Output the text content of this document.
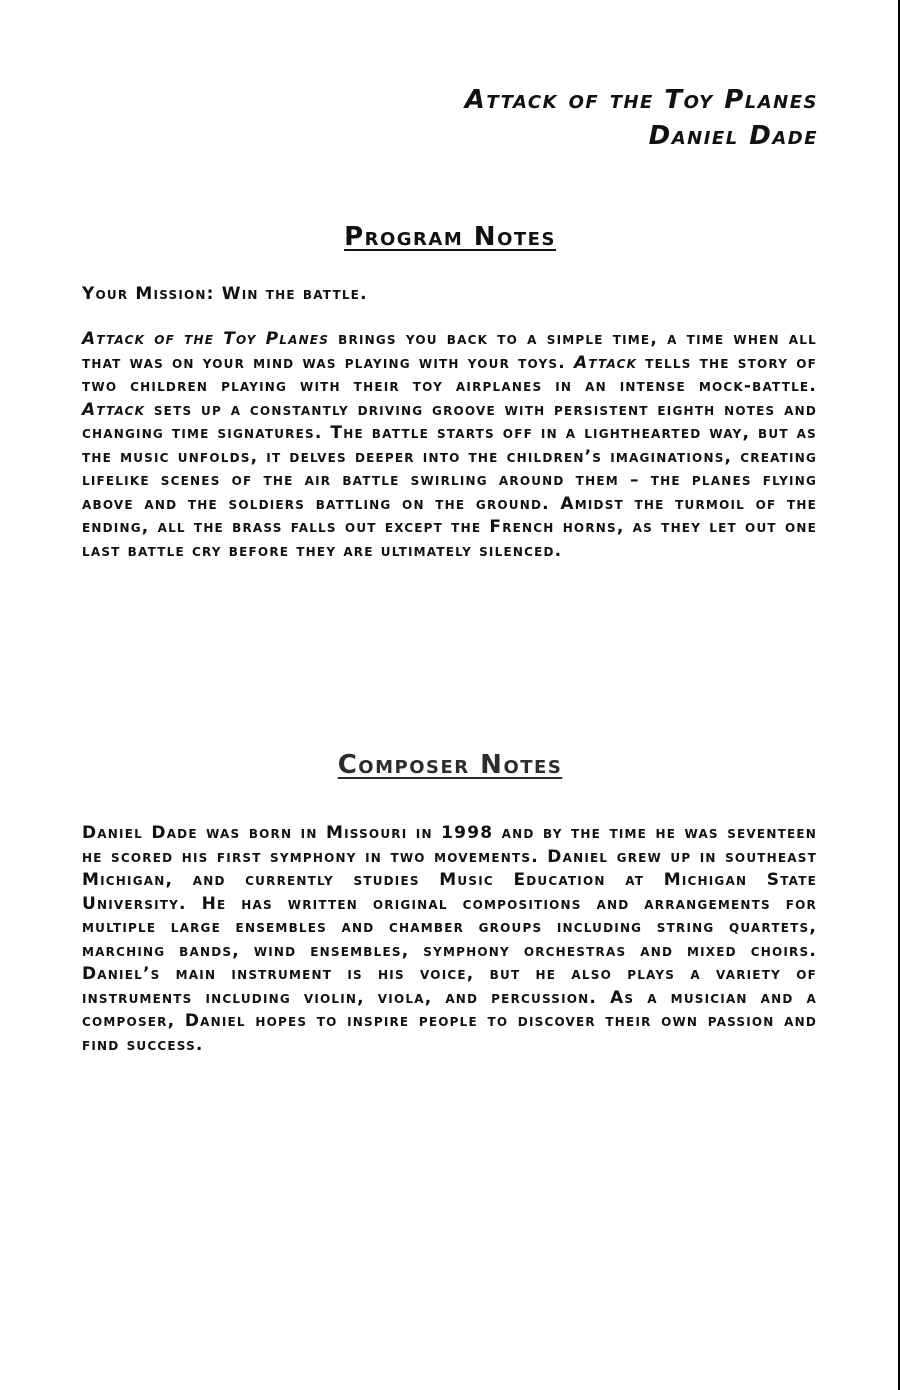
Attack of the Toy Planes
Daniel Dade
Program Notes

Your Mission: Win the battle.

Attack of the Toy Planes brings you back to a simple time, a time when all that was on your mind was playing with your toys. Attack tells the story of two children playing with their toy airplanes in an intense mock-battle. Attack sets up a constantly driving groove with persistent eighth notes and changing time signatures. The battle starts off in a lighthearted way, but as the music unfolds, it delves deeper into the children’s imaginations, creating lifelike scenes of the air battle swirling around them – the planes flying above and the soldiers battling on the ground. Amidst the turmoil of the ending, all the brass falls out except the French horns, as they let out one last battle cry before they are ultimately silenced.

Composer Notes

Daniel Dade was born in Missouri in 1998 and by the time he was seventeen he scored his first symphony in two movements. Daniel grew up in southeast Michigan, and currently studies Music Education at Michigan State University. He has written original compositions and arrangements for multiple large ensembles and chamber groups including string quartets, marching bands, wind ensembles, symphony orchestras and mixed choirs. Daniel’s main instrument is his voice, but he also plays a variety of instruments including violin, viola, and percussion. As a musician and a composer, Daniel hopes to inspire people to discover their own passion and find success.
